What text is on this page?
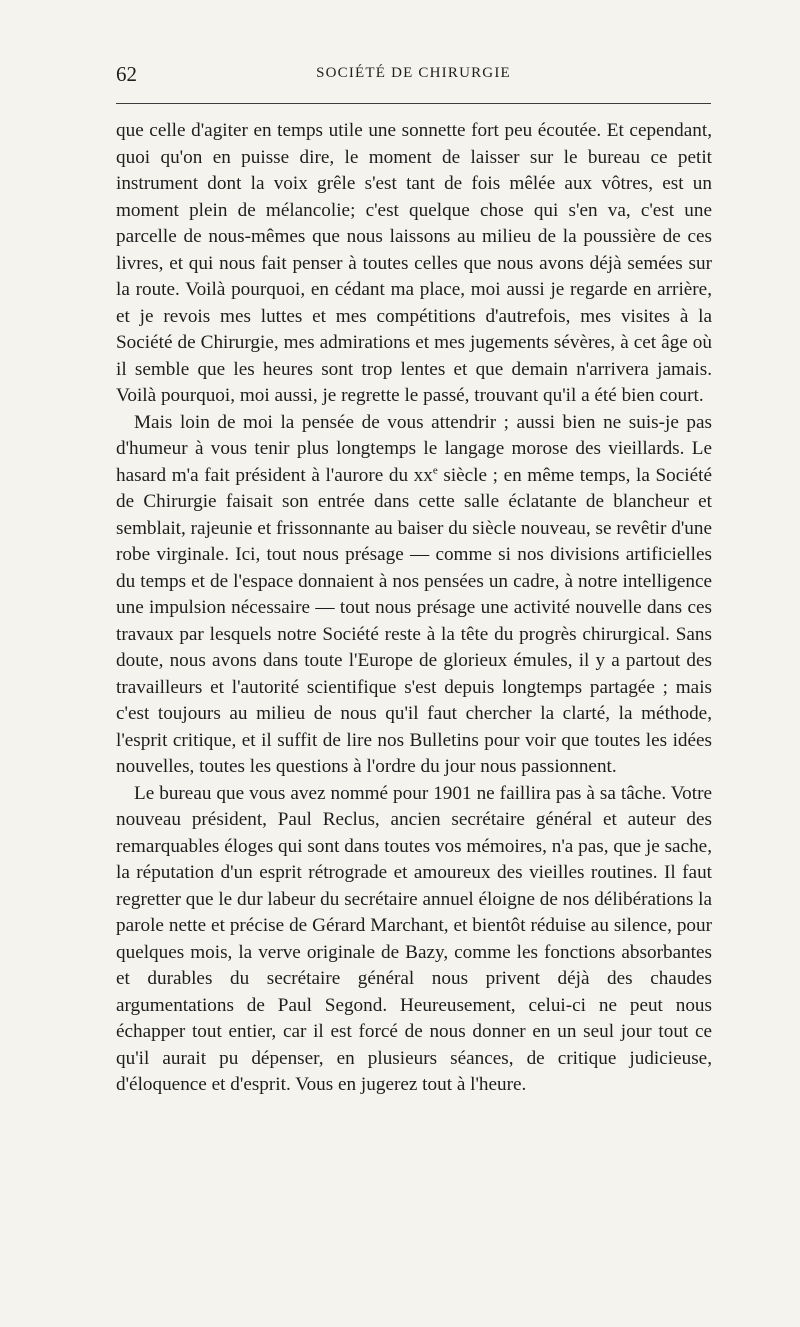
62	SOCIÉTÉ DE CHIRURGIE

que celle d'agiter en temps utile une sonnette fort peu écoutée. Et cependant, quoi qu'on en puisse dire, le moment de laisser sur le bureau ce petit instrument dont la voix grêle s'est tant de fois mêlée aux vôtres, est un moment plein de mélancolie; c'est quelque chose qui s'en va, c'est une parcelle de nous-mêmes que nous laissons au milieu de la poussière de ces livres, et qui nous fait penser à toutes celles que nous avons déjà semées sur la route. Voilà pourquoi, en cédant ma place, moi aussi je regarde en arrière, et je revois mes luttes et mes compétitions d'autrefois, mes visites à la Société de Chirurgie, mes admirations et mes jugements sévères, à cet âge où il semble que les heures sont trop lentes et que demain n'arrivera jamais. Voilà pourquoi, moi aussi, je regrette le passé, trouvant qu'il a été bien court.

Mais loin de moi la pensée de vous attendrir ; aussi bien ne suis-je pas d'humeur à vous tenir plus longtemps le langage morose des vieillards. Le hasard m'a fait président à l'aurore du $xx^e$ siècle ; en même temps, la Société de Chirurgie faisait son entrée dans cette salle éclatante de blancheur et semblait, rajeunie et frissonnante au baiser du siècle nouveau, se revêtir d'une robe virginale. Ici, tout nous présage — comme si nos divisions artificielles du temps et de l'espace donnaient à nos pensées un cadre, à notre intelligence une impulsion nécessaire — tout nous présage une activité nouvelle dans ces travaux par lesquels notre Société reste à la tête du progrès chirurgical. Sans doute, nous avons dans toute l'Europe de glorieux émules, il y a partout des travailleurs et l'autorité scientifique s'est depuis longtemps partagée ; mais c'est toujours au milieu de nous qu'il faut chercher la clarté, la méthode, l'esprit critique, et il suffit de lire nos Bulletins pour voir que toutes les idées nouvelles, toutes les questions à l'ordre du jour nous passionnent.

Le bureau que vous avez nommé pour 1901 ne faillira pas à sa tâche. Votre nouveau président, Paul Reclus, ancien secrétaire général et auteur des remarquables éloges qui sont dans toutes vos mémoires, n'a pas, que je sache, la réputation d'un esprit rétrograde et amoureux des vieilles routines. Il faut regretter que le dur labeur du secrétaire annuel éloigne de nos délibérations la parole nette et précise de Gérard Marchant, et bientôt réduise au silence, pour quelques mois, la verve originale de Bazy, comme les fonctions absorbantes et durables du secrétaire général nous privent déjà des chaudes argumentations de Paul Segond. Heureusement, celui-ci ne peut nous échapper tout entier, car il est forcé de nous donner en un seul jour tout ce qu'il aurait pu dépenser, en plusieurs séances, de critique judicieuse, d'éloquence et d'esprit. Vous en jugerez tout à l'heure.
